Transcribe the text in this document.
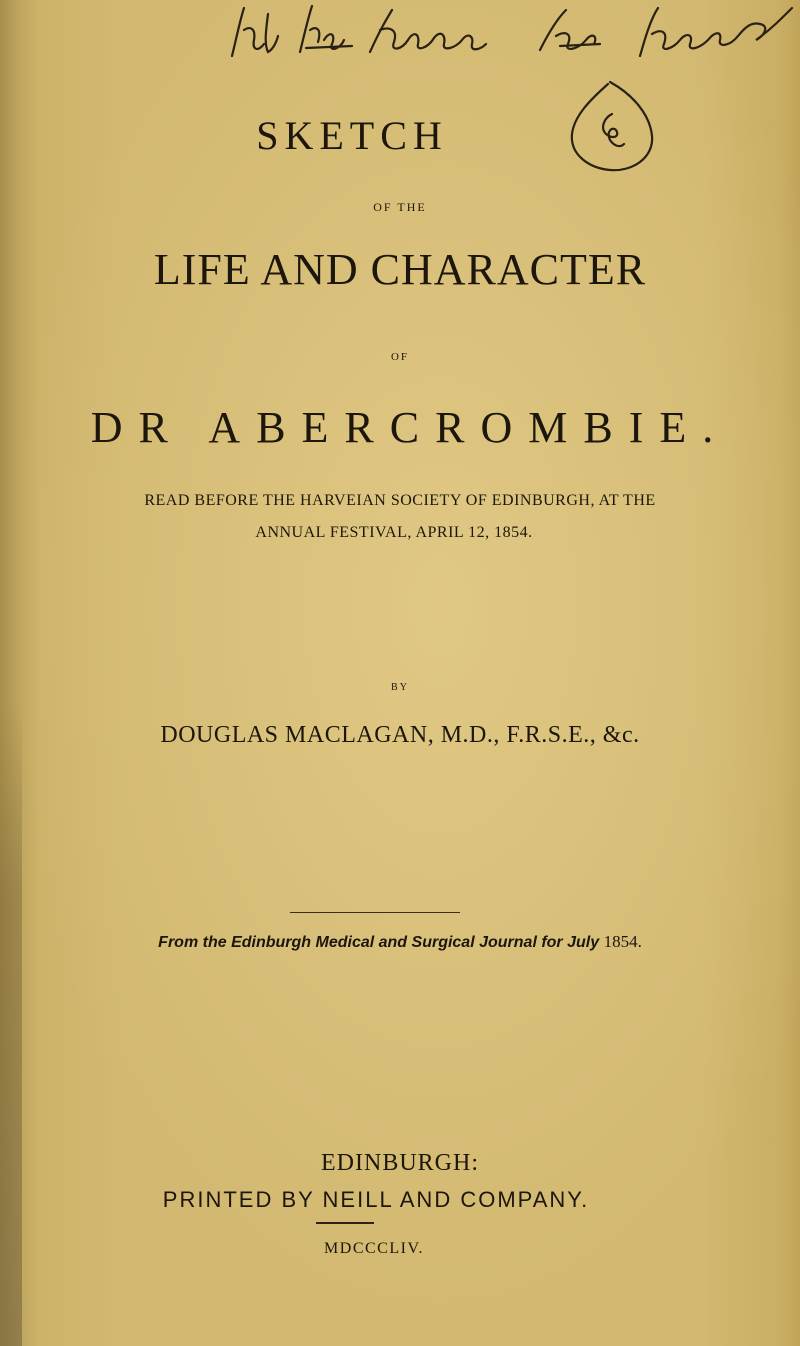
SKETCH

OF THE

LIFE AND CHARACTER

OF

DR ABERCROMBIE.

READ BEFORE THE HARVEIAN SOCIETY OF EDINBURGH, AT THE

ANNUAL FESTIVAL, APRIL 12, 1854.

BY

DOUGLAS MACLAGAN, M.D., F.R.S.E., &c.

From the Edinburgh Medical and Surgical Journal for July 1854.

EDINBURGH:

PRINTED BY NEILL AND COMPANY.

MDCCCLIV.
